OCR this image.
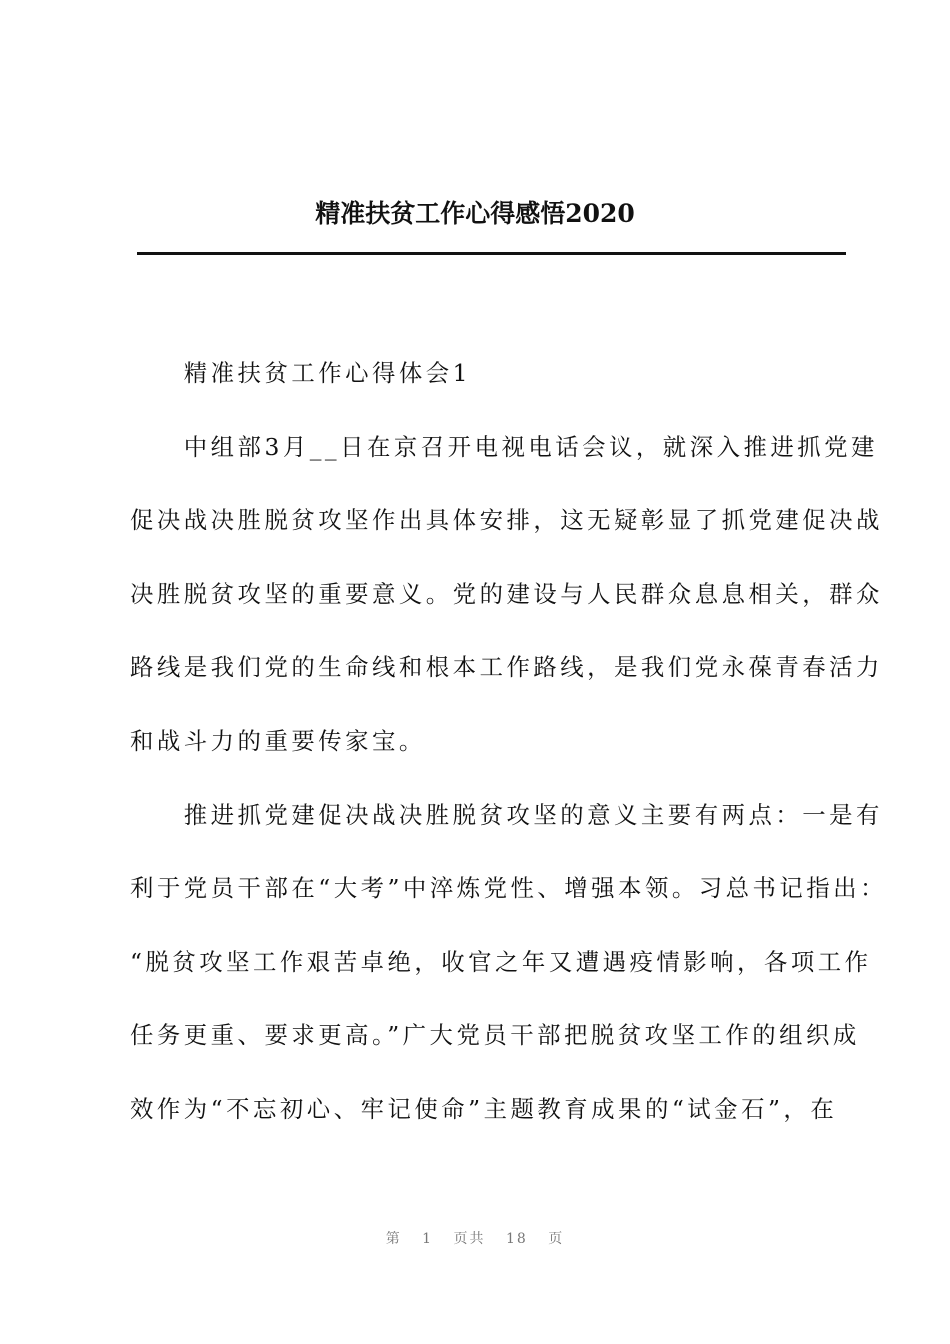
精准扶贫工作心得感悟2020
　　精准扶贫工作心得体会1
　　中组部3月__日在京召开电视电话会议，就深入推进抓党建
促决战决胜脱贫攻坚作出具体安排，这无疑彰显了抓党建促决战
决胜脱贫攻坚的重要意义。党的建设与人民群众息息相关，群众
路线是我们党的生命线和根本工作路线，是我们党永葆青春活力
和战斗力的重要传家宝。
　　推进抓党建促决战决胜脱贫攻坚的意义主要有两点：一是有
利于党员干部在“大考”中淬炼党性、增强本领。习总书记指出：
“脱贫攻坚工作艰苦卓绝，收官之年又遭遇疫情影响，各项工作
任务更重、要求更高。”广大党员干部把脱贫攻坚工作的组织成
效作为“不忘初心、牢记使命”主题教育成果的“试金石”，在
第 1 页共 18 页
